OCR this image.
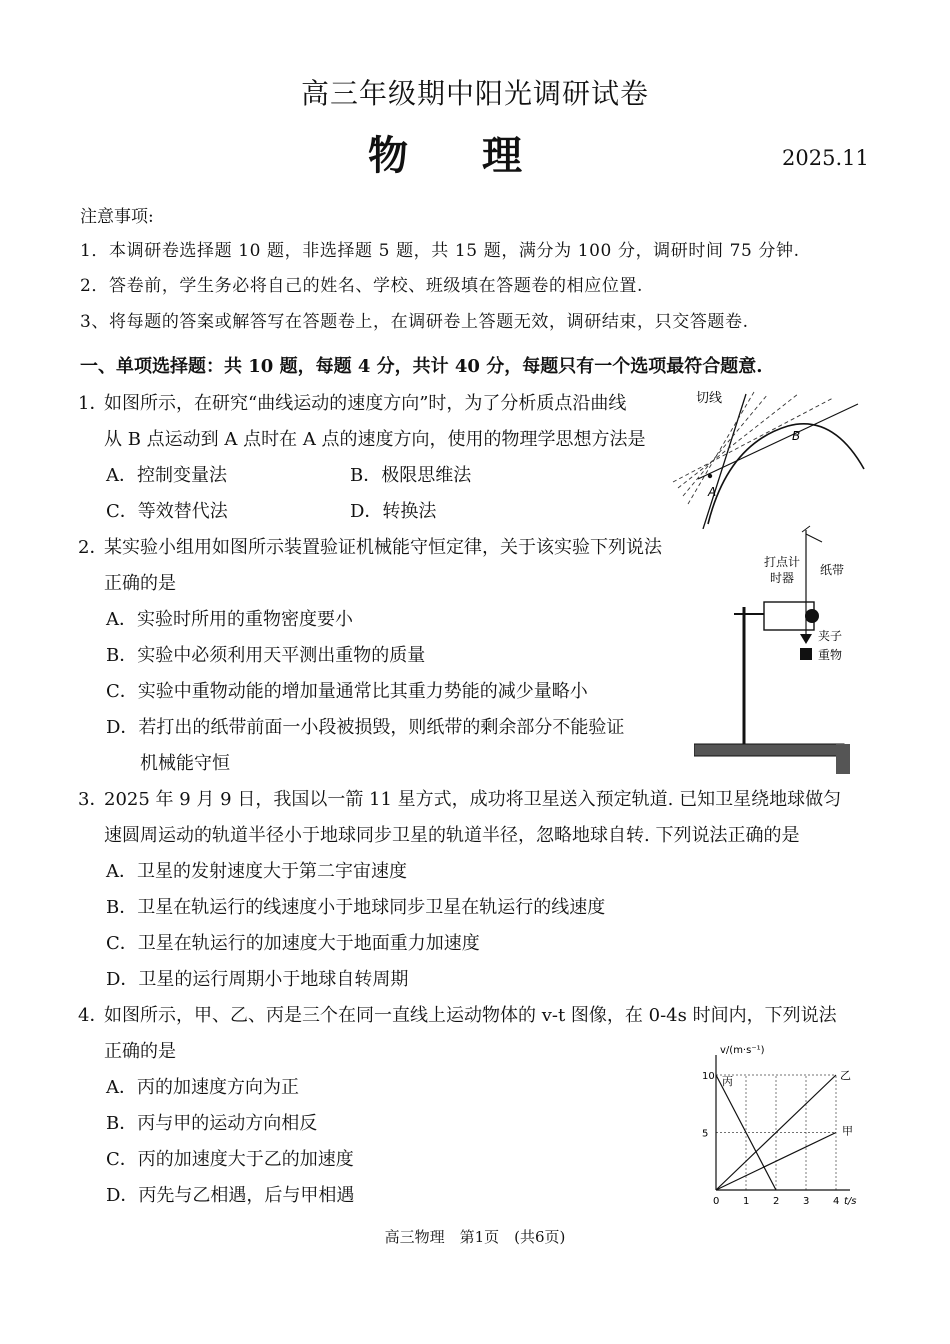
高三年级期中阳光调研试卷
物 理	2025.11
注意事项:
1．本调研卷选择题 10 题，非选择题 5 题，共 15 题，满分为 100 分，调研时间 75 分钟.
2．答卷前，学生务必将自己的姓名、学校、班级填在答题卷的相应位置.
3、将每题的答案或解答写在答题卷上，在调研卷上答题无效，调研结束，只交答题卷.
一、单项选择题：共 10 题，每题 4 分，共计 40 分，每题只有一个选项最符合题意.
1．
如图所示，在研究“曲线运动的速度方向”时，为了分析质点沿曲线
从 B 点运动到 A 点时在 A 点的速度方向，使用的物理学思想方法是
A．控制变量法	B．极限思维法
C．等效替代法	D．转换法
切线
A
B
2．
某实验小组用如图所示装置验证机械能守恒定律，关于该实验下列说法
正确的是
A．实验时所用的重物密度要小
B．实验中必须利用天平测出重物的质量
C．实验中重物动能的增加量通常比其重力势能的减少量略小
D．若打出的纸带前面一小段被损毁，则纸带的剩余部分不能验证
机械能守恒
打点计
时器
纸带
夹子
重物
3．
2025 年 9 月 9 日，我国以一箭 11 星方式，成功将卫星送入预定轨道. 已知卫星绕地球做匀
速圆周运动的轨道半径小于地球同步卫星的轨道半径，忽略地球自转. 下列说法正确的是
A．卫星的发射速度大于第二宇宙速度
B．卫星在轨运行的线速度小于地球同步卫星在轨运行的线速度
C．卫星在轨运行的加速度大于地面重力加速度
D．卫星的运行周期小于地球自转周期
4．
如图所示，甲、乙、丙是三个在同一直线上运动物体的 v-t 图像，在 0-4s 时间内，下列说法
正确的是
A．丙的加速度方向为正
B．丙与甲的运动方向相反
C．丙的加速度大于乙的加速度
D．丙先与乙相遇，后与甲相遇	0 1 2 3 4
5
10
t/s
v/(m·s⁻¹)
甲
乙
丙
高三物理　第1页　(共6页)
